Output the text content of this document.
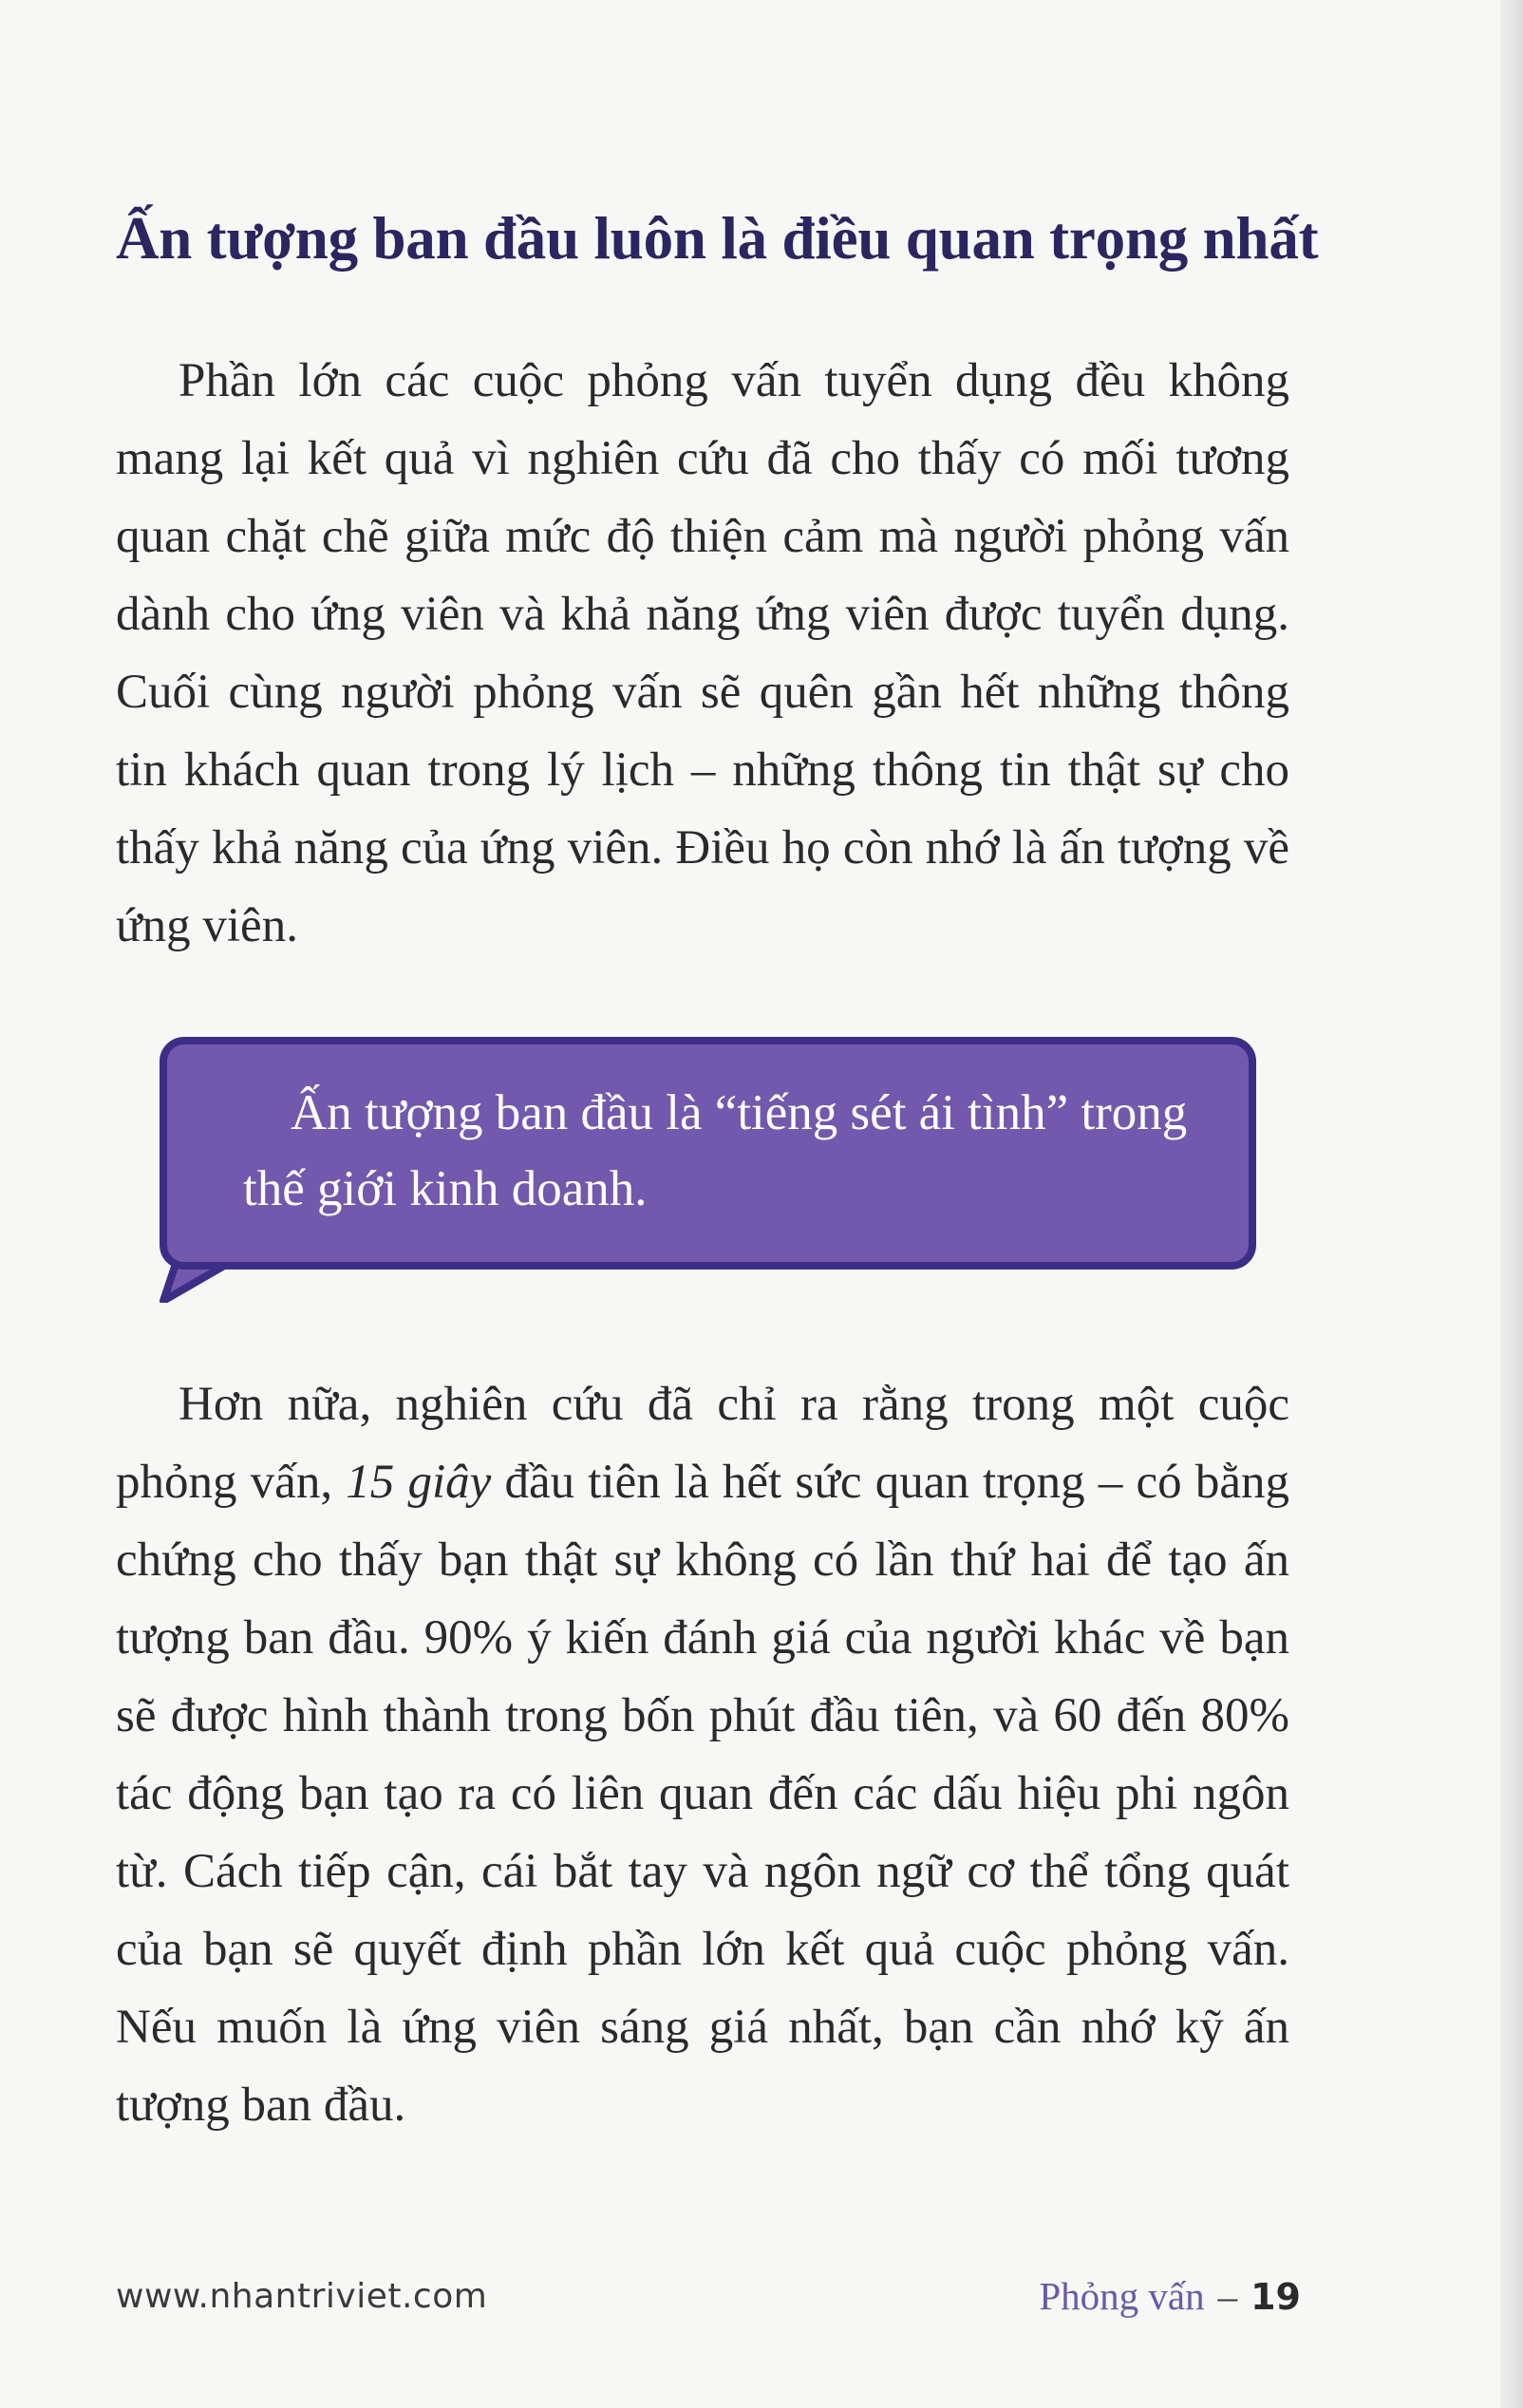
Ấn tượng ban đầu luôn là điều quan trọng nhất

Phần lớn các cuộc phỏng vấn tuyển dụng đều không mang lại kết quả vì nghiên cứu đã cho thấy có mối tương quan chặt chẽ giữa mức độ thiện cảm mà người phỏng vấn dành cho ứng viên và khả năng ứng viên được tuyển dụng. Cuối cùng người phỏng vấn sẽ quên gần hết những thông tin khách quan trong lý lịch – những thông tin thật sự cho thấy khả năng của ứng viên. Điều họ còn nhớ là ấn tượng về ứng viên.

Ấn tượng ban đầu là “tiếng sét ái tình” trong thế giới kinh doanh.

Hơn nữa, nghiên cứu đã chỉ ra rằng trong một cuộc phỏng vấn, 15 giây đầu tiên là hết sức quan trọng – có bằng chứng cho thấy bạn thật sự không có lần thứ hai để tạo ấn tượng ban đầu. 90% ý kiến đánh giá của người khác về bạn sẽ được hình thành trong bốn phút đầu tiên, và 60 đến 80% tác động bạn tạo ra có liên quan đến các dấu hiệu phi ngôn từ. Cách tiếp cận, cái bắt tay và ngôn ngữ cơ thể tổng quát của bạn sẽ quyết định phần lớn kết quả cuộc phỏng vấn. Nếu muốn là ứng viên sáng giá nhất, bạn cần nhớ kỹ ấn tượng ban đầu.

www.nhantriviet.com	Phỏng vấn – 19
